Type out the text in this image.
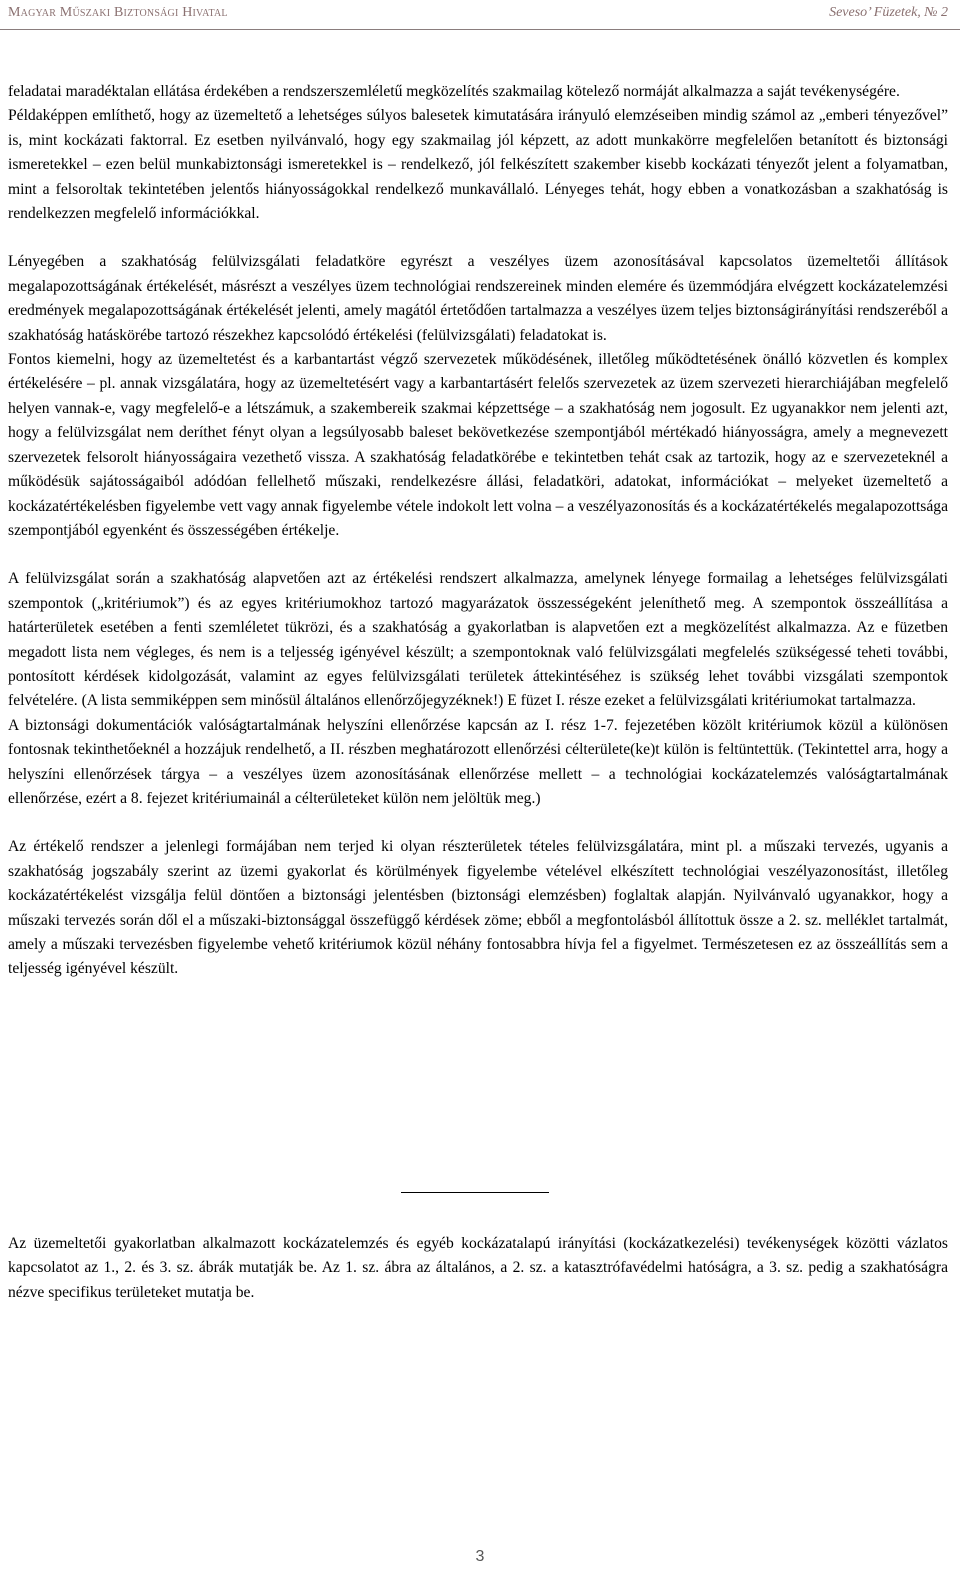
Magyar Műszaki Biztonsági Hivatal	Seveso’ Füzetek, № 2

feladatai maradéktalan ellátása érdekében a rendszerszemléletű megközelítés szakmailag kötelező normáját alkalmazza a saját tevékenységére.

Példaképpen említhető, hogy az üzemeltető a lehetséges súlyos balesetek kimutatására irányuló elemzéseiben mindig számol az „emberi tényezővel” is, mint kockázati faktorral. Ez esetben nyilvánvaló, hogy egy szakmailag jól képzett, az adott munkakörre megfelelően betanított és biztonsági ismeretekkel – ezen belül munkabiztonsági ismeretekkel is – rendelkező, jól felkészített szakember kisebb kockázati tényezőt jelent a folyamatban, mint a felsoroltak tekintetében jelentős hiányosságokkal rendelkező munkavállaló. Lényeges tehát, hogy ebben a vonatkozásban a szakhatóság is rendelkezzen megfelelő információkkal.

Lényegében a szakhatóság felülvizsgálati feladatköre egyrészt a veszélyes üzem azonosításával kapcsolatos üzemeltetői állítások megalapozottságának értékelését, másrészt a veszélyes üzem technológiai rendszereinek minden elemére és üzemmódjára elvégzett kockázatelemzési eredmények megalapozottságának értékelését jelenti, amely magától értetődően tartalmazza a veszélyes üzem teljes biztonságirányítási rendszeréből a szakhatóság hatáskörébe tartozó részekhez kapcsolódó értékelési (felülvizsgálati) feladatokat is.

Fontos kiemelni, hogy az üzemeltetést és a karbantartást végző szervezetek működésének, illetőleg működtetésének önálló közvetlen és komplex értékelésére – pl. annak vizsgálatára, hogy az üzemeltetésért vagy a karbantartásért felelős szervezetek az üzem szervezeti hierarchiájában megfelelő helyen vannak-e, vagy megfelelő-e a létszámuk, a szakembereik szakmai képzettsége – a szakhatóság nem jogosult. Ez ugyanakkor nem jelenti azt, hogy a felülvizsgálat nem deríthet fényt olyan a legsúlyosabb baleset bekövetkezése szempontjából mértékadó hiányosságra, amely a megnevezett szervezetek felsorolt hiányosságaira vezethető vissza. A szakhatóság feladatkörébe e tekintetben tehát csak az tartozik, hogy az e szervezeteknél a működésük sajátosságaiból adódóan fellelhető műszaki, rendelkezésre állási, feladatköri, adatokat, információkat – melyeket üzemeltető a kockázatértékelésben figyelembe vett vagy annak figyelembe vétele indokolt lett volna – a veszélyazonosítás és a kockázatértékelés megalapozottsága szempontjából egyenként és összességében értékelje.

A felülvizsgálat során a szakhatóság alapvetően azt az értékelési rendszert alkalmazza, amelynek lényege formailag a lehetséges felülvizsgálati szempontok („kritériumok”) és az egyes kritériumokhoz tartozó magyarázatok összességeként jeleníthető meg. A szempontok összeállítása a határterületek esetében a fenti szemléletet tükrözi, és a szakhatóság a gyakorlatban is alapvetően ezt a megközelítést alkalmazza. Az e füzetben megadott lista nem végleges, és nem is a teljesség igényével készült; a szempontoknak való felülvizsgálati megfelelés szükségessé teheti további, pontosított kérdések kidolgozását, valamint az egyes felülvizsgálati területek áttekintéséhez is szükség lehet további vizsgálati szempontok felvételére. (A lista semmiképpen sem minősül általános ellenőrzőjegyzéknek!) E füzet I. része ezeket a felülvizsgálati kritériumokat tartalmazza.

A biztonsági dokumentációk valóságtartalmának helyszíni ellenőrzése kapcsán az I. rész 1-7. fejezetében közölt kritériumok közül a különösen fontosnak tekinthetőeknél a hozzájuk rendelhető, a II. részben meghatározott ellenőrzési célterülete(ke)t külön is feltüntettük. (Tekintettel arra, hogy a helyszíni ellenőrzések tárgya – a veszélyes üzem azonosításának ellenőrzése mellett – a technológiai kockázatelemzés valóságtartalmának ellenőrzése, ezért a 8. fejezet kritériumainál a célterületeket külön nem jelöltük meg.)

Az értékelő rendszer a jelenlegi formájában nem terjed ki olyan részterületek tételes felülvizsgálatára, mint pl. a műszaki tervezés, ugyanis a szakhatóság jogszabály szerint az üzemi gyakorlat és körülmények figyelembe vételével elkészített technológiai veszélyazonosítást, illetőleg kockázatértékelést vizsgálja felül döntően a biztonsági jelentésben (biztonsági elemzésben) foglaltak alapján. Nyilvánvaló ugyanakkor, hogy a műszaki tervezés során dől el a műszaki-biztonsággal összefüggő kérdések zöme; ebből a megfontolásból állítottuk össze a 2. sz. melléklet tartalmát, amely a műszaki tervezésben figyelembe vehető kritériumok közül néhány fontosabbra hívja fel a figyelmet. Természetesen ez az összeállítás sem a teljesség igényével készült.

Az üzemeltetői gyakorlatban alkalmazott kockázatelemzés és egyéb kockázatalapú irányítási (kockázatkezelési) tevékenységek közötti vázlatos kapcsolatot az 1., 2. és 3. sz. ábrák mutatják be. Az 1. sz. ábra az általános, a 2. sz. a katasztrófavédelmi hatóságra, a 3. sz. pedig a szakhatóságra nézve specifikus területeket mutatja be.

3
